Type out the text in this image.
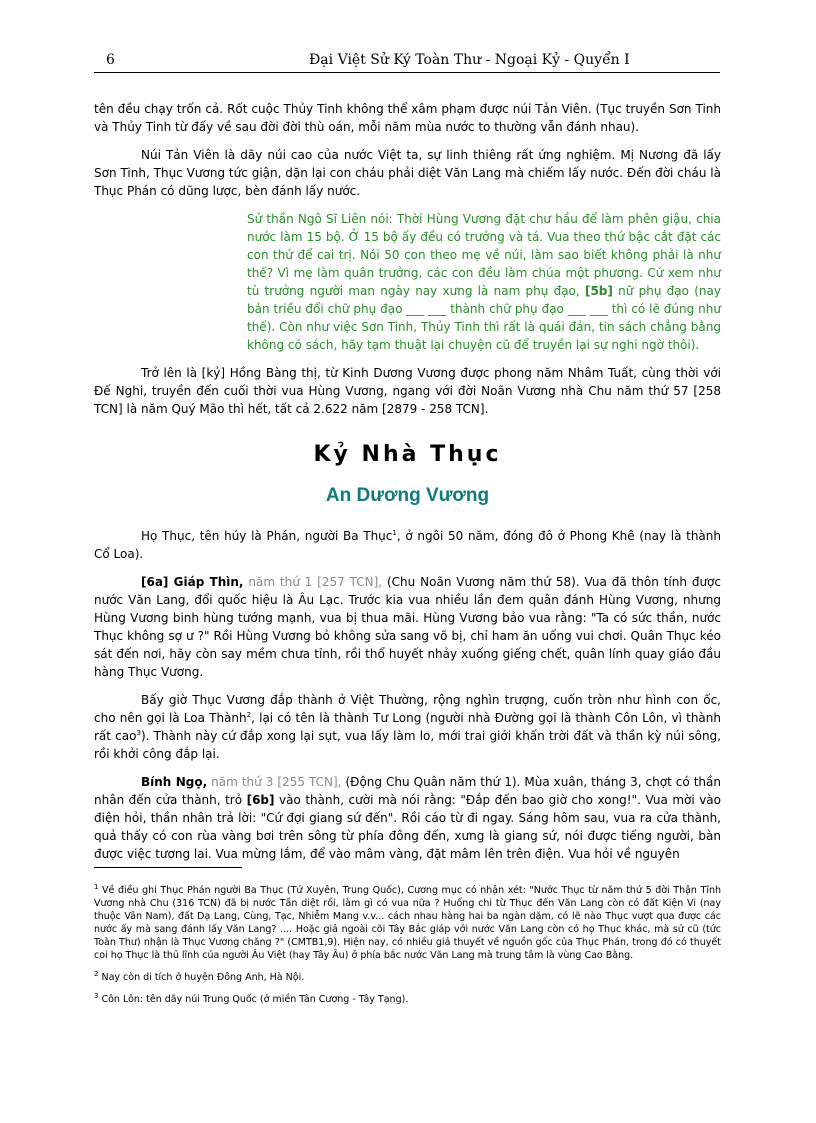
6	Đại Việt Sử Ký Toàn Thư - Ngoại Kỷ - Quyển I

tên đều chạy trốn cả. Rốt cuộc Thủy Tinh không thể xâm phạm được núi Tản Viên. (Tục truyền Sơn Tinh và Thủy Tinh từ đấy về sau đời đời thù oán, mỗi năm mùa nước to thường vẫn đánh nhau).

Núi Tản Viên là dãy núi cao của nước Việt ta, sự linh thiêng rất ứng nghiệm. Mị Nương đã lấy Sơn Tinh, Thục Vương tức giận, dặn lại con cháu phải diệt Văn Lang mà chiếm lấy nước. Đến đời cháu là Thục Phán có dũng lược, bèn đánh lấy nước.

Sử thần Ngô Sĩ Liên nói: Thời Hùng Vương đặt chư hầu để làm phên giậu, chia nước làm 15 bộ. Ở 15 bộ ấy đều có trưởng và tá. Vua theo thứ bậc cắt đặt các con thứ để cai trị. Nói 50 con theo mẹ về núi, làm sao biết không phải là như thế? Vì mẹ làm quân trưởng, các con đều làm chúa một phương. Cứ xem như tù trưởng người man ngày nay xưng là nam phụ đạo, [5b] nữ phụ đạo (nay bản triều đổi chữ phụ đạo ___ ___ thành chữ phụ đạo ___ ___ thì có lẽ đúng như thế). Còn như việc Sơn Tinh, Thủy Tinh thì rất là quái đản, tin sách chẳng bằng không có sách, hãy tạm thuật lại chuyện cũ để truyền lại sự nghi ngờ thôi).

Trở lên là [kỷ] Hồng Bàng thị, từ Kinh Dương Vương được phong năm Nhâm Tuất, cùng thời với Đế Nghi, truyền đến cuối thời vua Hùng Vương, ngang với đời Noãn Vương nhà Chu năm thứ 57 [258 TCN] là năm Quý Mão thì hết, tất cả 2.622 năm [2879 - 258 TCN].

Kỷ Nhà Thục
An Dương Vương

Họ Thục, tên húy là Phán, người Ba Thục$^1$, ở ngôi 50 năm, đóng đô ở Phong Khê (nay là thành Cổ Loa).

[6a] Giáp Thìn, năm thứ 1 [257 TCN], (Chu Noãn Vương năm thứ 58). Vua đã thôn tính được nước Văn Lang, đổi quốc hiệu là Âu Lạc. Trước kia vua nhiều lần đem quân đánh Hùng Vương, nhưng Hùng Vương binh hùng tướng mạnh, vua bị thua mãi. Hùng Vương bảo vua rằng: "Ta có sức thần, nước Thục không sợ ư ?" Rồi Hùng Vương bỏ không sửa sang võ bị, chỉ ham ăn uống vui chơi. Quân Thục kéo sát đến nơi, hãy còn say mềm chưa tỉnh, rồi thổ huyết nhảy xuống giếng chết, quân lính quay giáo đầu hàng Thục Vương.

Bấy giờ Thục Vương đắp thành ở Việt Thường, rộng nghìn trượng, cuốn tròn như hình con ốc, cho nên gọi là Loa Thành$^2$, lại có tên là thành Tư Long (người nhà Đường gọi là thành Côn Lôn, vì thành rất cao$^3$). Thành này cứ đắp xong lại sụt, vua lấy làm lo, mới trai giới khấn trời đất và thần kỳ núi sông, rồi khởi công đắp lại.

Bính Ngọ, năm thứ 3 [255 TCN], (Động Chu Quân năm thứ 1). Mùa xuân, tháng 3, chợt có thần nhân đến cửa thành, trỏ [6b] vào thành, cười mà nói rằng: "Đắp đến bao giờ cho xong!". Vua mời vào điện hỏi, thần nhân trả lời: "Cứ đợi giang sứ đến". Rồi cáo từ đi ngay. Sáng hôm sau, vua ra cửa thành, quả thấy có con rùa vàng bơi trên sông từ phía đông đến, xưng là giang sứ, nói được tiếng người, bàn được việc tương lai. Vua mừng lắm, để vào mâm vàng, đặt mâm lên trên điện. Vua hỏi về nguyên

$^1$ Về điều ghi Thục Phán người Ba Thục (Tứ Xuyên, Trung Quốc), Cương mục có nhận xét: "Nước Thục từ năm thứ 5 đời Thận Tĩnh Vương nhà Chu (316 TCN) đã bị nước Tần diệt rồi, làm gì có vua nữa ? Huống chi từ Thục đến Văn Lang còn có đất Kiện Vi (nay thuộc Vân Nam), đất Dạ Lang, Cùng, Tạc, Nhiễm Mang v.v... cách nhau hàng hai ba ngàn dặm, có lẽ nào Thục vượt qua được các nước ấy mà sang đánh lấy Văn Lang? .... Hoặc giả ngoài cõi Tây Bắc giáp với nước Văn Lang còn có họ Thục khác, mà sử cũ (tức Toàn Thư) nhận là Thục Vương chăng ?" (CMTB1,9). Hiện nay, có nhiều giả thuyết về nguồn gốc của Thục Phán, trong đó có thuyết coi họ Thục là thủ lĩnh của người Âu Việt (hay Tây Âu) ở phía bắc nước Văn Lang mà trung tâm là vùng Cao Bằng.

$^2$ Nay còn di tích ở huyện Đông Anh, Hà Nội.

$^3$ Côn Lôn: tên dãy núi Trung Quốc (ở miền Tân Cương - Tây Tạng).
